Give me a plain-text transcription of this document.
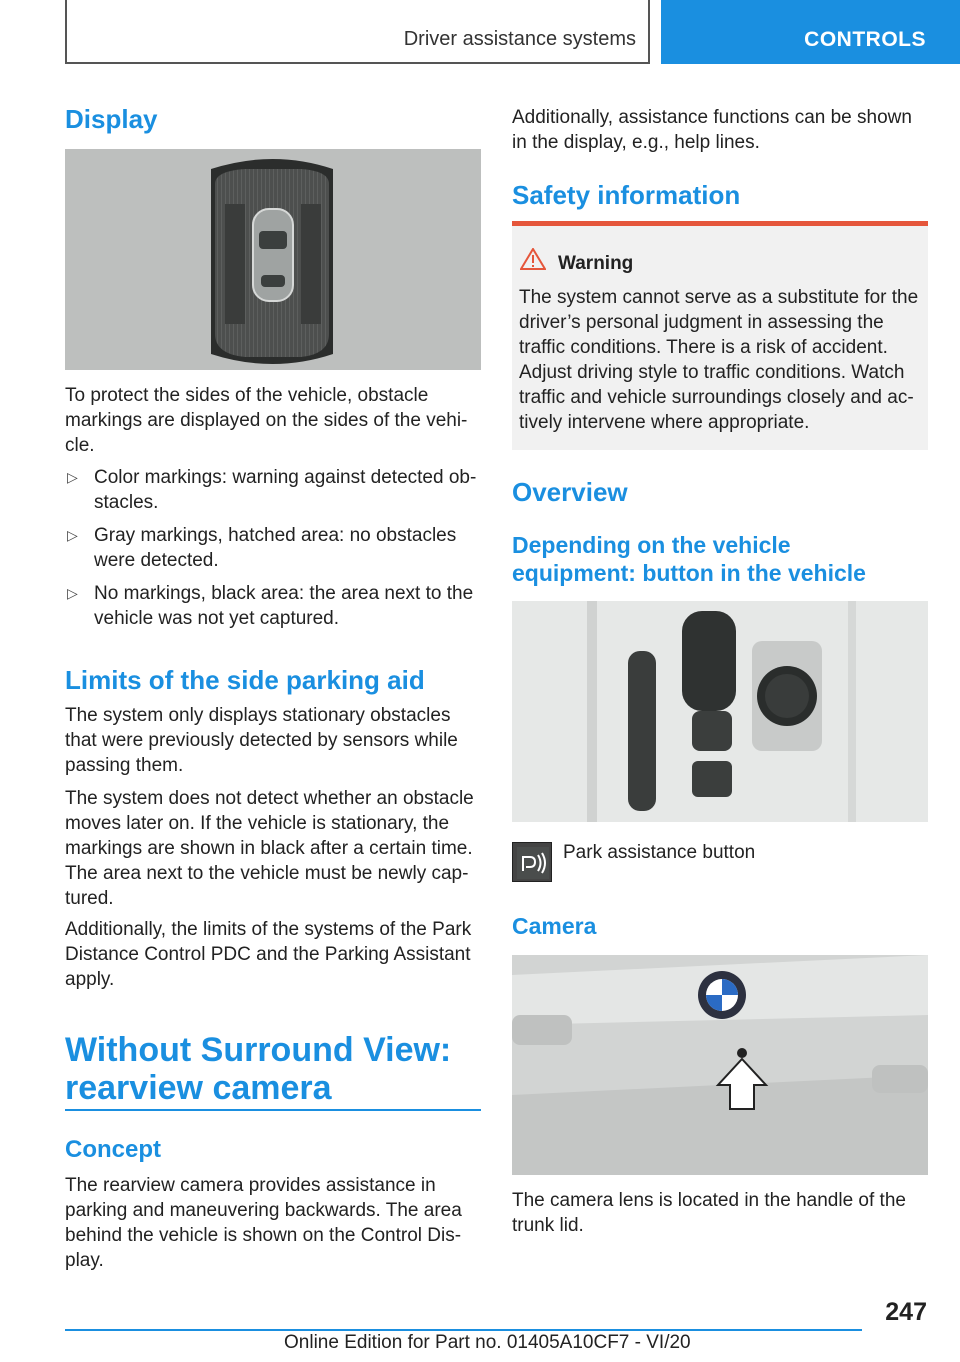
Driver assistance systems	CONTROLS
Display
To protect the sides of the vehicle, obstacle markings are displayed on the sides of the vehi‐cle.
▷ Color markings: warning against detected ob‐stacles.
▷ Gray markings, hatched area: no obstacles were detected.
▷ No markings, black area: the area next to the vehicle was not yet captured.
Limits of the side parking aid
The system only displays stationary obstacles that were previously detected by sensors while passing them.
The system does not detect whether an obstacle moves later on. If the vehicle is stationary, the markings are shown in black after a certain time. The area next to the vehicle must be newly cap‐tured.
Additionally, the limits of the systems of the Park Distance Control PDC and the Parking Assistant apply.
Without Surround View: rearview camera
Concept
The rearview camera provides assistance in parking and maneuvering backwards. The area behind the vehicle is shown on the Control Dis‐play.
Additionally, assistance functions can be shown in the display, e.g., help lines.
Safety information
Warning
The system cannot serve as a substitute for the driver’s personal judgment in assessing the traffic conditions. There is a risk of accident. Adjust driving style to traffic conditions. Watch traffic and vehicle surroundings closely and ac‐tively intervene where appropriate.
Overview
Depending on the vehicle equipment: button in the vehicle
Park assistance button
Camera
The camera lens is located in the handle of the trunk lid.
247
Online Edition for Part no. 01405A10CF7 - VI/20
